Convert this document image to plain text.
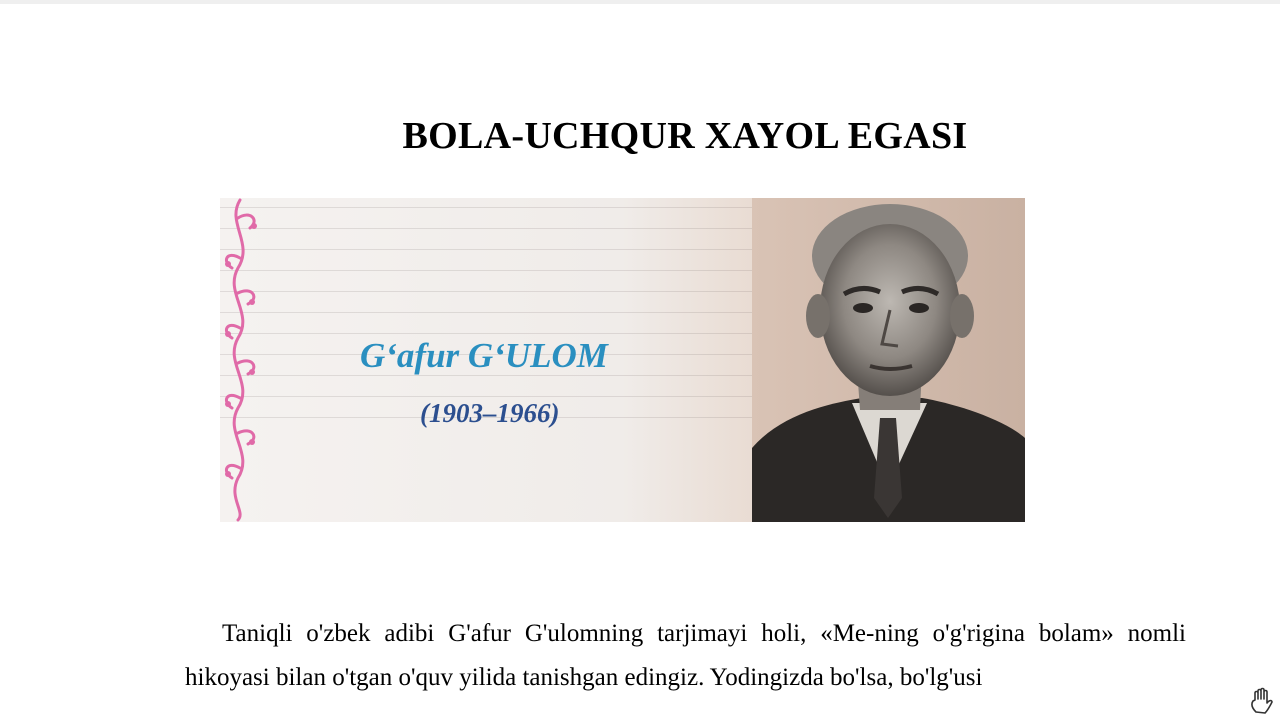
BOLA-UCHQUR XAYOL EGASI
G‘afur G‘ULOM
(1903–1966)

Taniqli o'zbek adibi G'afur G'ulomning tarjimayi holi, «Me-ning o'g'rigina bolam» nomli hikoyasi bilan o'tgan o'quv yilida tanishgan edingiz. Yodingizda bo'lsa, bo'lg'usi
